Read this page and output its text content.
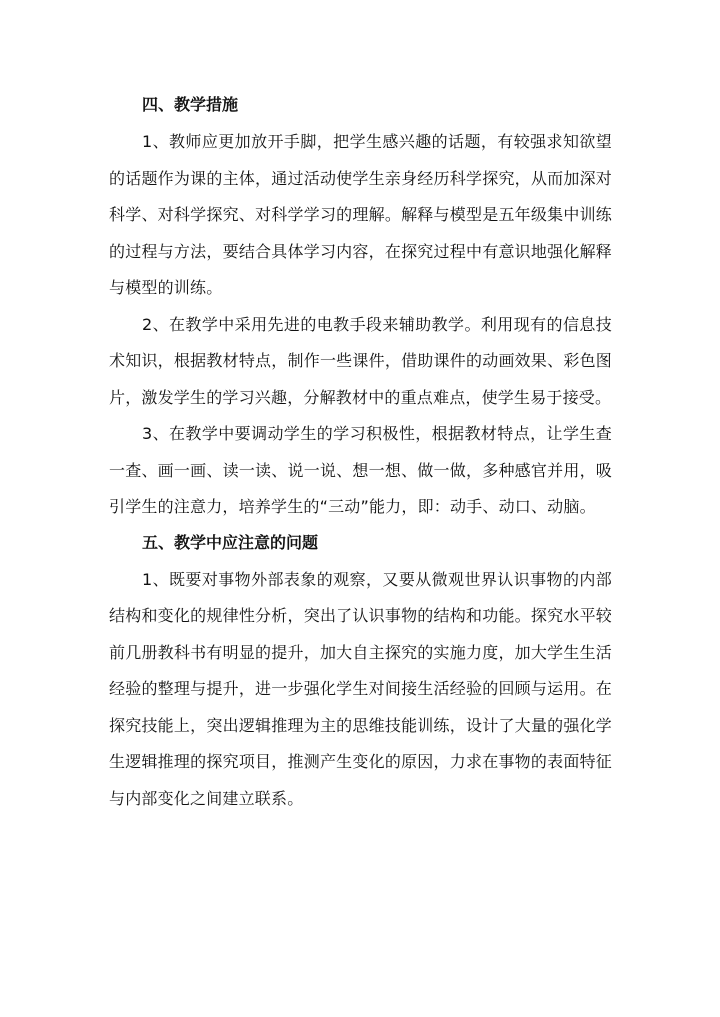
四、教学措施

1、教师应更加放开手脚，把学生感兴趣的话题，有较强求知欲望的话题作为课的主体，通过活动使学生亲身经历科学探究，从而加深对科学、对科学探究、对科学学习的理解。解释与模型是五年级集中训练的过程与方法，要结合具体学习内容，在探究过程中有意识地强化解释与模型的训练。

2、在教学中采用先进的电教手段来辅助教学。利用现有的信息技术知识，根据教材特点，制作一些课件，借助课件的动画效果、彩色图片，激发学生的学习兴趣，分解教材中的重点难点，使学生易于接受。

3、在教学中要调动学生的学习积极性，根据教材特点，让学生查一查、画一画、读一读、说一说、想一想、做一做，多种感官并用，吸引学生的注意力，培养学生的“三动”能力，即：动手、动口、动脑。

五、教学中应注意的问题

1、既要对事物外部表象的观察，又要从微观世界认识事物的内部结构和变化的规律性分析，突出了认识事物的结构和功能。探究水平较前几册教科书有明显的提升，加大自主探究的实施力度，加大学生生活经验的整理与提升，进一步强化学生对间接生活经验的回顾与运用。在探究技能上，突出逻辑推理为主的思维技能训练，设计了大量的强化学生逻辑推理的探究项目，推测产生变化的原因，力求在事物的表面特征与内部变化之间建立联系。
